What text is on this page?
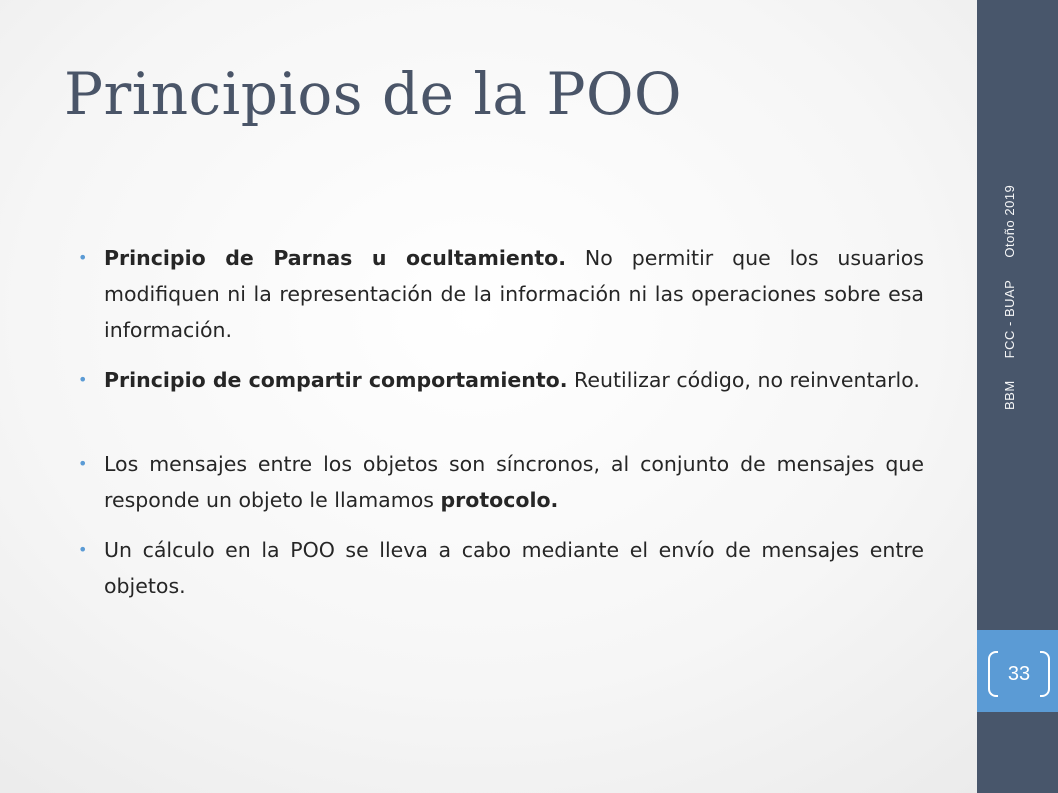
Principios de la POO
• Principio de Parnas u ocultamiento. No permitir que los usuarios modifiquen ni la representación de la información ni las operaciones sobre esa información.
• Principio de compartir comportamiento. Reutilizar código, no reinventarlo.
• Los mensajes entre los objetos son síncronos, al conjunto de mensajes que responde un objeto le llamamos protocolo.
• Un cálculo en la POO se lleva a cabo mediante el envío de mensajes entre objetos.
BBMFCC - BUAPOtoño 2019
33
